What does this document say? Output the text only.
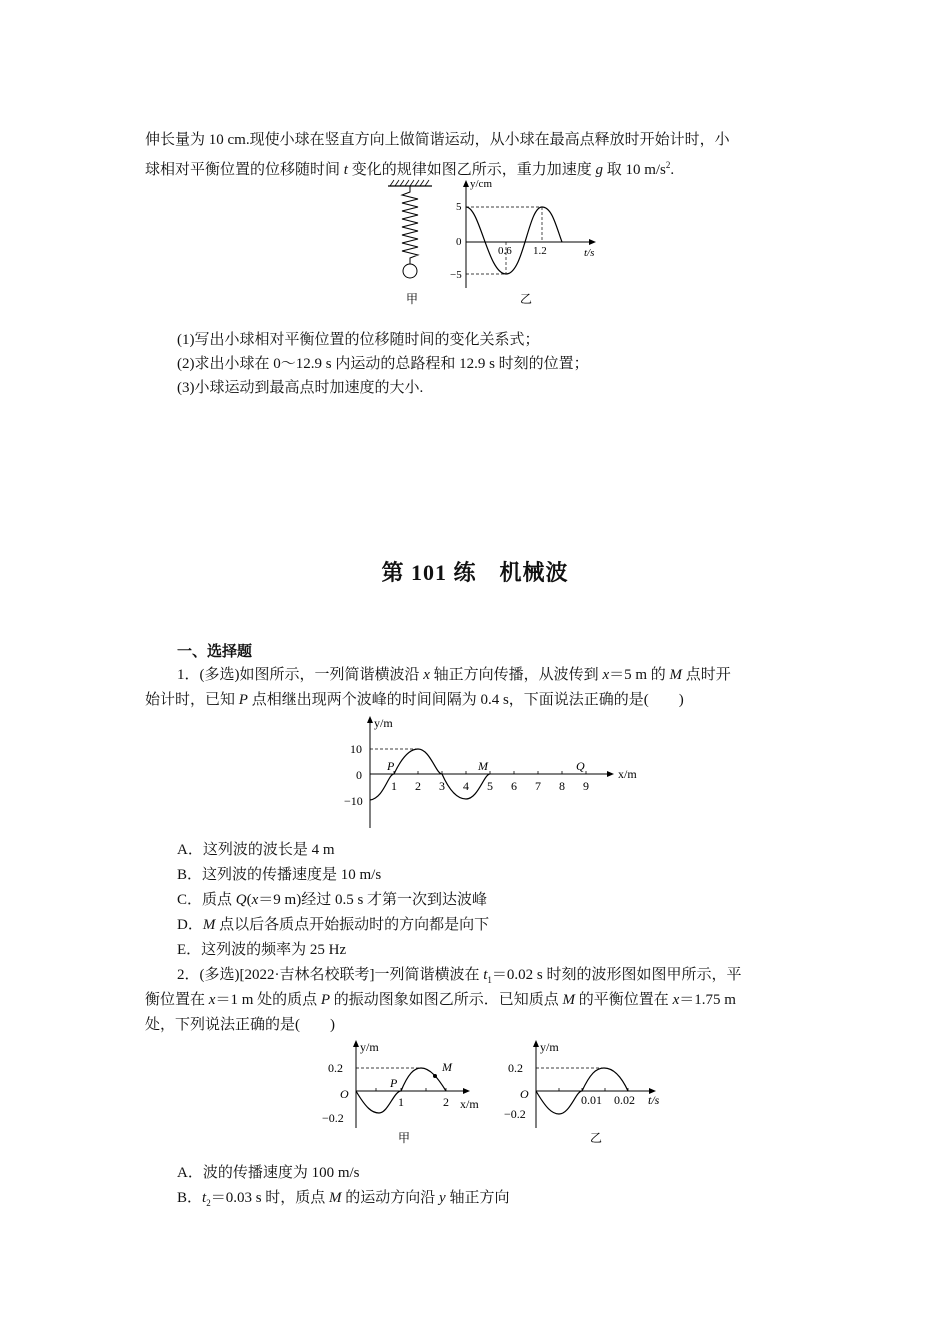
伸长量为 10 cm.现使小球在竖直方向上做简谐运动，从小球在最高点释放时开始计时，小
球相对平衡位置的位移随时间 t 变化的规律如图乙所示，重力加速度 g 取 10 $m/s^2$.
甲
y/cm
t/s
5
0
−5
0.6 1.2
乙
(1)写出小球相对平衡位置的位移随时间的变化关系式；
(2)求出小球在 0～12.9 s 内运动的总路程和 12.9 s 时刻的位置；
(3)小球运动到最高点时加速度的大小.
第 101 练　机械波
一、选择题
1．(多选)如图所示，一列简谐横波沿 x 轴正方向传播，从波传到 x＝5 m 的 M 点时开
始计时，已知 P 点相继出现两个波峰的时间间隔为 0.4 s，下面说法正确的是(　　)
y/m
x/m
10
0
−10
1 2 3 4 5 6 7 8 9
P	M	Q
A．这列波的波长是 4 m
B．这列波的传播速度是 10 m/s
C．质点 Q(x＝9 m)经过 0.5 s 才第一次到达波峰
D．M 点以后各质点开始振动时的方向都是向下
E．这列波的频率为 25 Hz
2．(多选)[2022·吉林名校联考]一列简谐横波在 $t_1=0.02$ s 时刻的波形图如图甲所示，平
衡位置在 x＝1 m 处的质点 P 的振动图象如图乙所示．已知质点 M 的平衡位置在 x＝1.75 m
处，下列说法正确的是(　　)
y/m
x/m
0.2
O
−0.2
1	2
P
M
甲
y/m
t/s
0.2
O
−0.2
0.01 0.02
乙
A．波的传播速度为 100 m/s
B．$t_2=0.03$ s 时，质点 M 的运动方向沿 y 轴正方向
